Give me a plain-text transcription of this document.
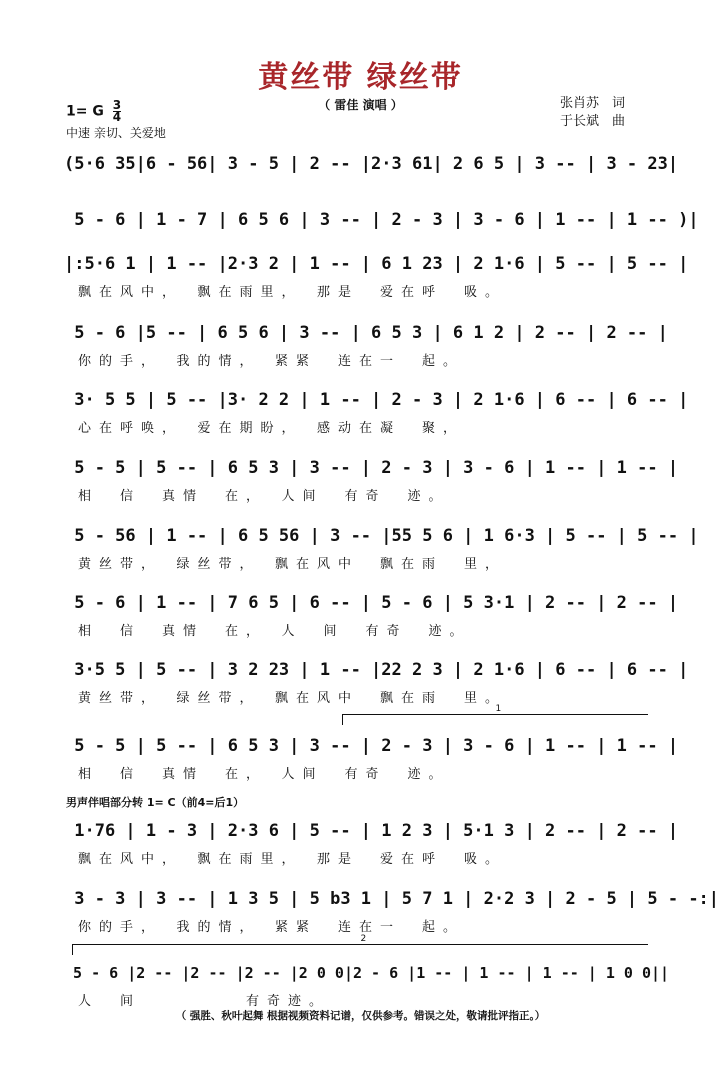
黄丝带 绿丝带
（ 雷佳 演唱 ）	张肖苏　词
于长斌　曲
1= G $\frac{3}{4}$
中速 亲切、关爱地
(5·6 35|6 - 56| 3 - 5 | 2 -- |2·3 61| 2 6 5 | 3 -- | 3 - 23|
5 - 6 | 1 - 7 | 6 5 6 | 3 -- | 2 - 3 | 3 - 6 | 1 -- | 1 -- )|
|:5·6 1 | 1 -- |2·3 2 | 1 -- | 6 1 23 | 2 1·6 | 5 -- | 5 -- |
飘在风中，　飘在雨里，　那是　爱在呼　吸。
5 - 6 |5 -- | 6 5 6 | 3 -- | 6 5 3 | 6 1 2 | 2 -- | 2 -- |
你的手，　我的情，　紧紧　连在一　起。
3· 5 5 | 5 -- |3· 2 2 | 1 -- | 2 - 3 | 2 1·6 | 6 -- | 6 -- |
心在呼唤，　爱在期盼，　感动在凝　聚，
5 - 5 | 5 -- | 6 5 3 | 3 -- | 2 - 3 | 3 - 6 | 1 -- | 1 -- |
相　信　真情　在，　人间　有奇　迹。
5 - 56 | 1 -- | 6 5 56 | 3 -- |55 5 6 | 1 6·3 | 5 -- | 5 -- |
黄丝带，　绿丝带，　飘在风中　飘在雨　里，
5 - 6 | 1 -- | 7 6 5 | 6 -- | 5 - 6 | 5 3·1 | 2 -- | 2 -- |
相　信　真情　在，　人　间　有奇　迹。
3·5 5 | 5 -- | 3 2 23 | 1 -- |22 2 3 | 2 1·6 | 6 -- | 6 -- |
黄丝带，　绿丝带，　飘在风中　飘在雨　里。
1
5 - 5 | 5 -- | 6 5 3 | 3 -- | 2 - 3 | 3 - 6 | 1 -- | 1 -- |
相　信　真情　在，　人间　有奇　迹。
男声伴唱部分转 1= C（前4=后1）
1·76 | 1 - 3 | 2·3 6 | 5 -- | 1 2 3 | 5·1 3 | 2 -- | 2 -- |
飘在风中，　飘在雨里，　那是　爱在呼　吸。
3 - 3 | 3 -- | 1 3 5 | 5 b3 1 | 5 7 1 | 2·2 3 | 2 - 5 | 5 - -:|
你的手，　我的情，　紧紧　连在一　起。
2
5 - 6 |2 -- |2 -- |2 -- |2 0 0|2 - 6 |1 -- | 1 -- | 1 -- | 1 0 0||
人　间　　　　　有奇迹。
（ 强胜、秋叶起舞 根据视频资料记谱，仅供参考。错误之处，敬请批评指正。）
